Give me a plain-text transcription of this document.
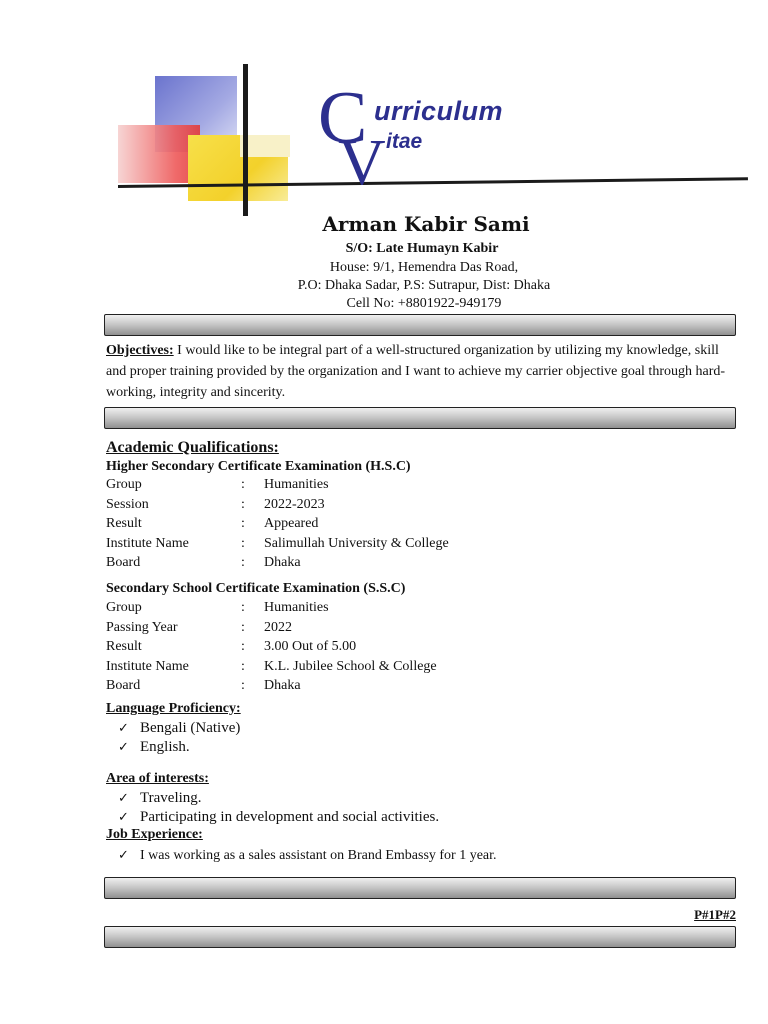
C
V
urriculum
itae
Arman Kabir Sami
S/O: Late Humayn Kabir
House: 9/1, Hemendra Das Road,
P.O: Dhaka Sadar, P.S: Sutrapur, Dist: Dhaka
Cell No: +8801922-949179
Objectives: I would like to be integral part of a well-structured organization by utilizing my knowledge, skill and proper training provided by the organization and I want to achieve my carrier objective goal through hard-working, integrity and sincerity.
Academic Qualifications:
Higher Secondary Certificate Examination (H.S.C)
Group	:	Humanities
Session	:	2022-2023
Result	:	Appeared
Institute Name	:	Salimullah University & College
Board	:	Dhaka
Secondary School Certificate Examination (S.S.C)
Group	:	Humanities
Passing Year	:	2022
Result	:	3.00 Out of 5.00
Institute Name	:	K.L. Jubilee School & College
Board	:	Dhaka
Language Proficiency:
✓ Bengali (Native)
✓ English.
Area of interests:
✓ Traveling.
✓ Participating in development and social activities.
Job Experience:
✓ I was working as a sales assistant on Brand Embassy for 1 year.
P#1P#2
